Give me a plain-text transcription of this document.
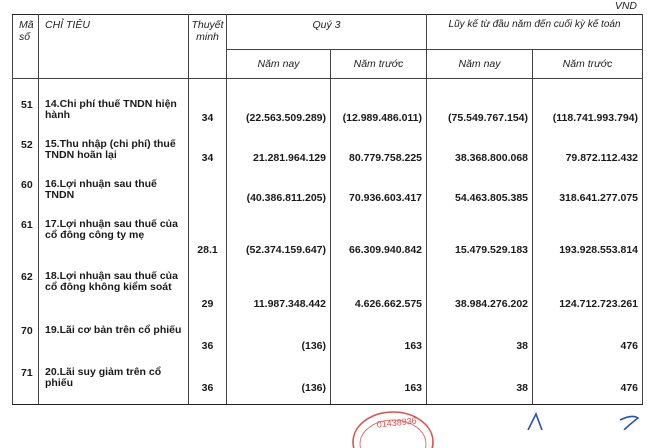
VND
Mã số	CHỈ TIÊU	Thuyết minh	Quý 3		Lũy kế từ đầu năm đến cuối kỳ kế toán	
			Năm nay	Năm trước	Năm nay	Năm trước

51	14.Chi phí thuế TNDN hiện hành	34	(22.563.509.289)	(12.989.486.011)	(75.549.767.154)	(118.741.993.794)
52	15.Thu nhập (chi phí) thuế TNDN hoãn lại	34	21.281.964.129	80.779.758.225	38.368.800.068	79.872.112.432
60	16.Lợi nhuận sau thuế TNDN		(40.386.811.205)	70.936.603.417	54.463.805.385	318.641.277.075
61	17.Lợi nhuận sau thuế của cổ đông công ty mẹ	28.1	(52.374.159.647)	66.309.940.842	15.479.529.183	193.928.553.814
62	18.Lợi nhuận sau thuế của cổ đông không kiểm soát	29	11.987.348.442	4.626.662.575	38.984.276.202	124.712.723.261
70	19.Lãi cơ bản trên cổ phiếu	36	(136)	163	38	476
71	20.Lãi suy giảm trên cổ phiếu	36	(136)	163	38	476
01438936
